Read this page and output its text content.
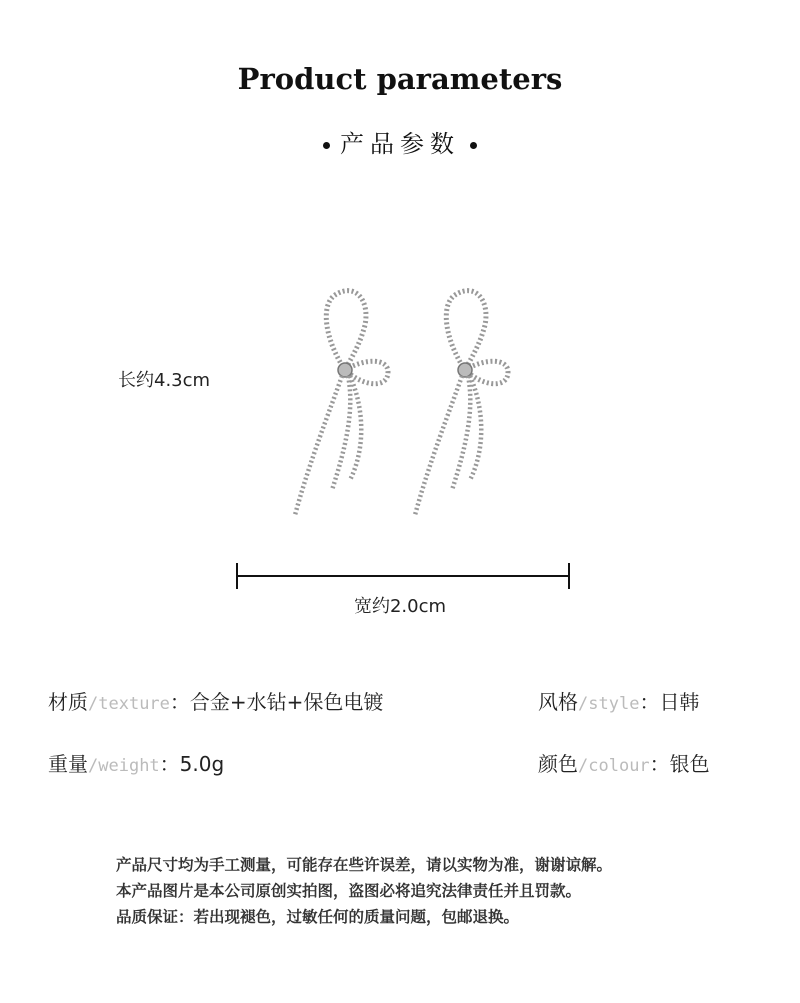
Product parameters
产品参数
长约4.3cm
宽约2.0cm
材质/texture：合金+水钻+保色电镀	风格/style：日韩
重量/weight：5.0g	颜色/colour：银色
产品尺寸均为手工测量，可能存在些许误差，请以实物为准，谢谢谅解。
本产品图片是本公司原创实拍图，盗图必将追究法律责任并且罚款。
品质保证：若出现褪色，过敏任何的质量问题，包邮退换。
